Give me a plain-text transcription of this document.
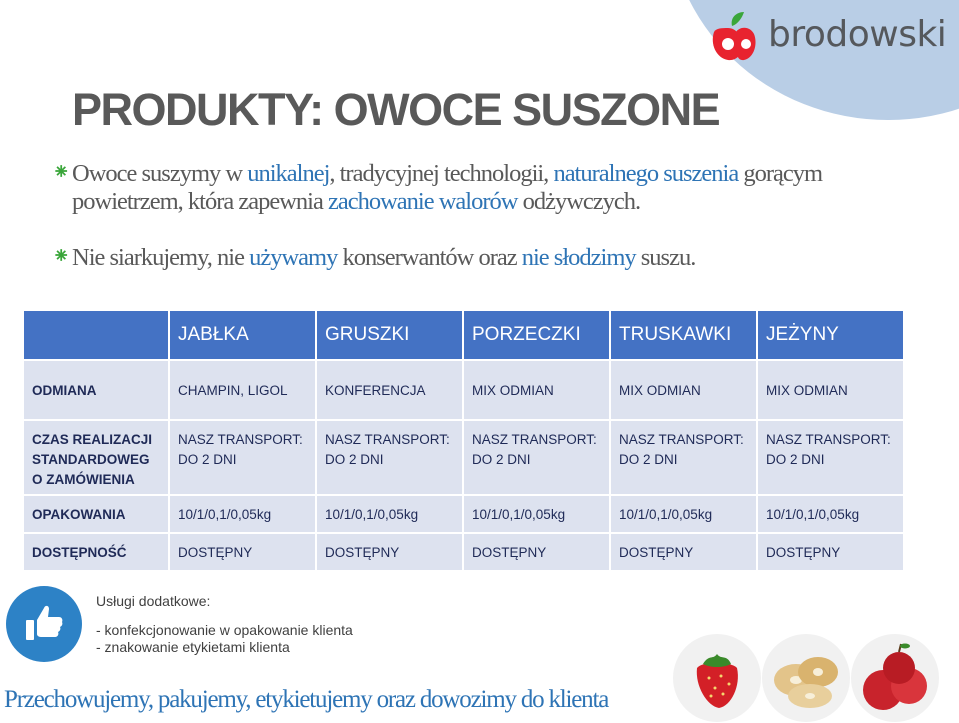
brodowski
PRODUKTY: OWOCE SUSZONE
⁕ Owoce suszymy w unikalnej, tradycyjnej technologii, naturalnego suszenia gorącym powietrzem, która zapewnia zachowanie walorów odżywczych.
⁕ Nie siarkujemy, nie używamy konserwantów oraz nie słodzimy suszu.
	JABŁKA	GRUSZKI	PORZECZKI	TRUSKAWKI	JEŻYNY
ODMIANA	CHAMPIN, LIGOL	KONFERENCJA	MIX ODMIAN	MIX ODMIAN	MIX ODMIAN
CZAS REALIZACJI STANDARDOWEG O ZAMÓWIENIA	NASZ TRANSPORT: DO 2 DNI	NASZ TRANSPORT: DO 2 DNI	NASZ TRANSPORT: DO 2 DNI	NASZ TRANSPORT: DO 2 DNI	NASZ TRANSPORT: DO 2 DNI
OPAKOWANIA	10/1/0,1/0,05kg	10/1/0,1/0,05kg	10/1/0,1/0,05kg	10/1/0,1/0,05kg	10/1/0,1/0,05kg
DOSTĘPNOŚĆ	DOSTĘPNY	DOSTĘPNY	DOSTĘPNY	DOSTĘPNY	DOSTĘPNY
Usługi dodatkowe:
- konfekcjonowanie w opakowanie klienta
- znakowanie etykietami klienta
Przechowujemy, pakujemy, etykietujemy oraz dowozimy do klienta
